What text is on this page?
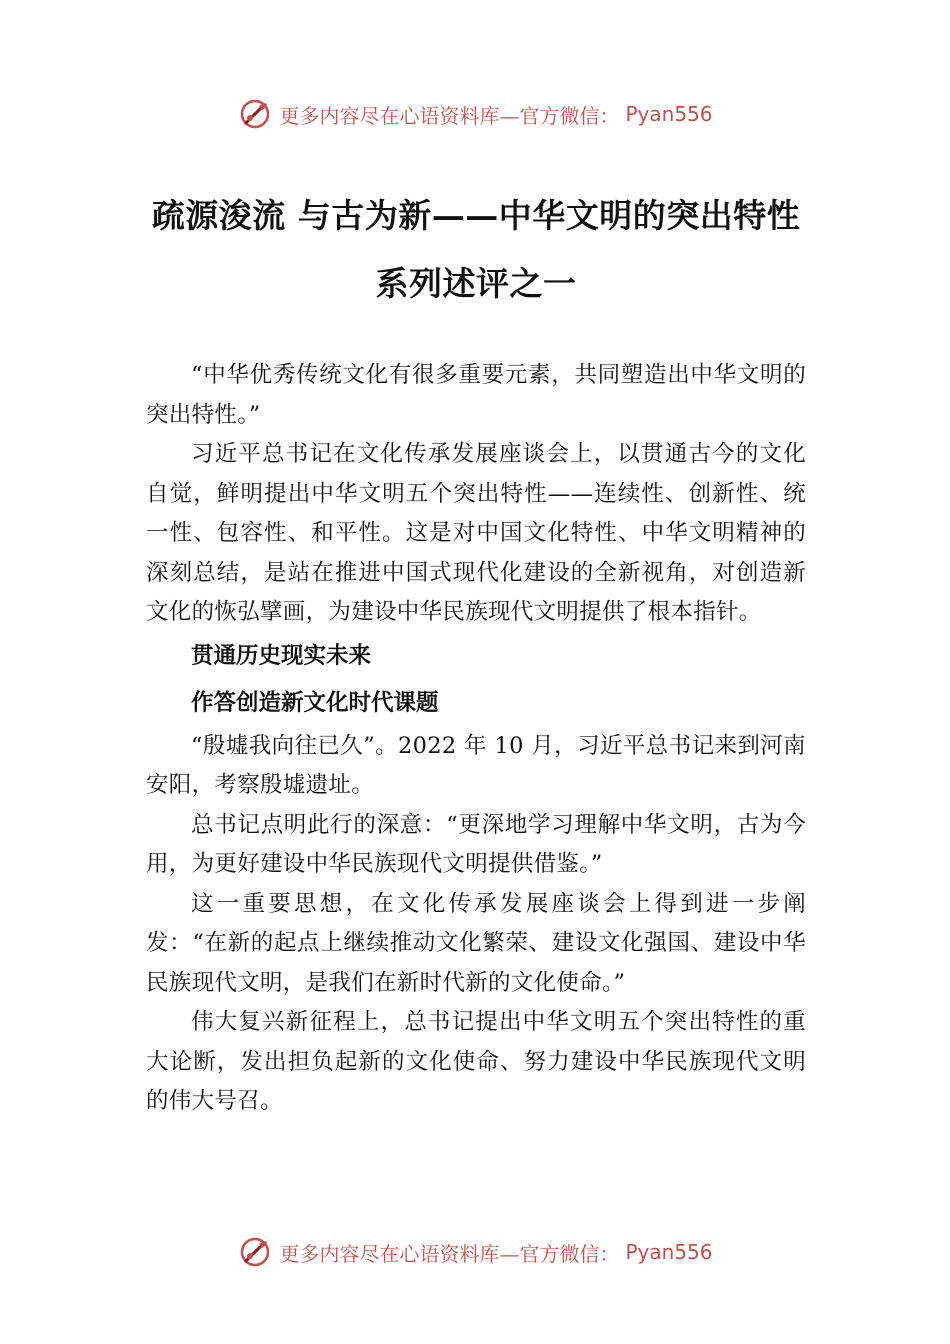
更多内容尽在心语资料库—官方微信： Pyan556
疏源浚流 与古为新——中华文明的突出特性系列述评之一

“中华优秀传统文化有很多重要元素，共同塑造出中华文明的突出特性。”

习近平总书记在文化传承发展座谈会上，以贯通古今的文化自觉，鲜明提出中华文明五个突出特性——连续性、创新性、统一性、包容性、和平性。这是对中国文化特性、中华文明精神的深刻总结，是站在推进中国式现代化建设的全新视角，对创造新文化的恢弘擘画，为建设中华民族现代文明提供了根本指针。

贯通历史现实未来

作答创造新文化时代课题

“殷墟我向往已久”。2022 年 10 月，习近平总书记来到河南安阳，考察殷墟遗址。

总书记点明此行的深意：“更深地学习理解中华文明，古为今用，为更好建设中华民族现代文明提供借鉴。”

这一重要思想，在文化传承发展座谈会上得到进一步阐发：“在新的起点上继续推动文化繁荣、建设文化强国、建设中华民族现代文明，是我们在新时代新的文化使命。”

伟大复兴新征程上，总书记提出中华文明五个突出特性的重大论断，发出担负起新的文化使命、努力建设中华民族现代文明的伟大号召。

更多内容尽在心语资料库—官方微信： Pyan556
